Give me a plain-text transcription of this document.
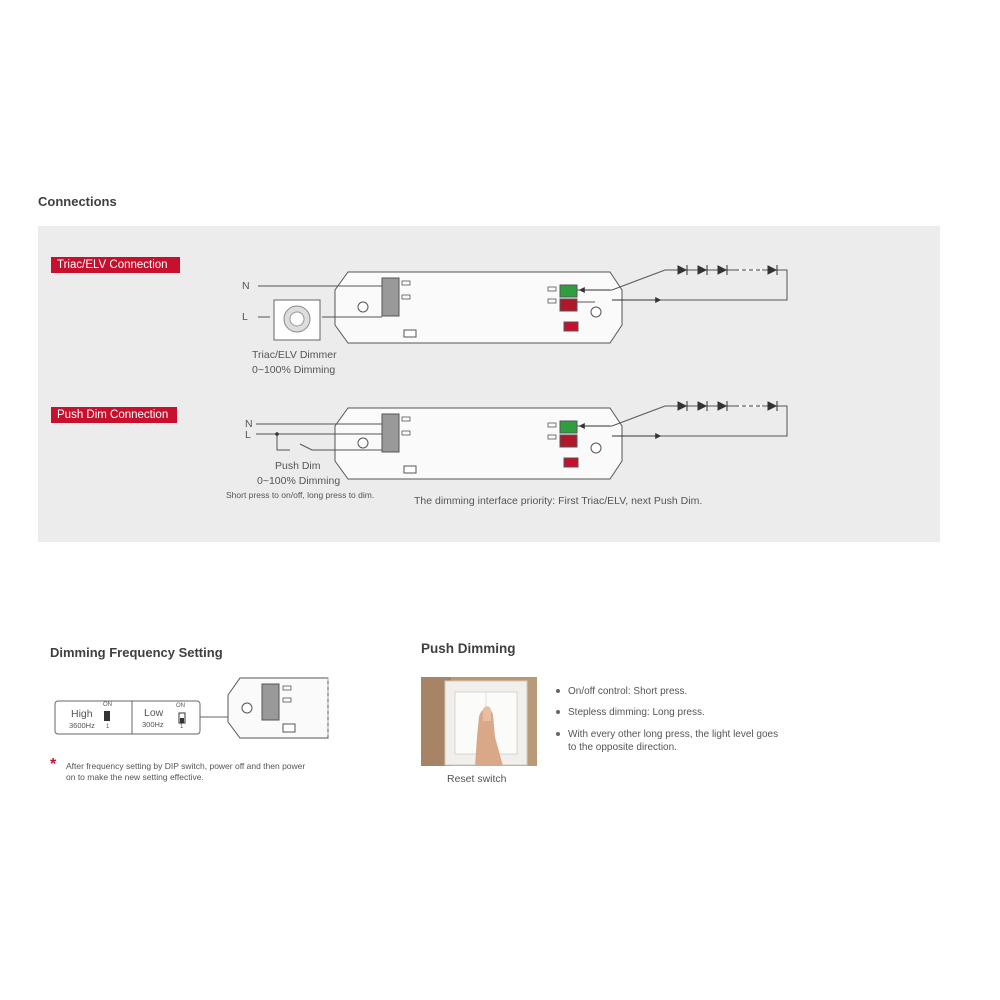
Connections
Triac/ELV Connection
Push Dim Connection
N
L
Triac/ELV Dimmer
0~100% Dimming
N
L
Push Dim
0~100% Dimming
Short press to on/off, long press to dim.	The dimming interface priority: First Triac/ELV, next Push Dim.
Dimming Frequency Setting
High
3600Hz
ON
1
Low
300Hz
ON
1
* After frequency setting by DIP switch, power off and then power
on to make the new setting effective.
Push Dimming
Reset switch
On/off control: Short press.
Stepless dimming: Long press.
With every other long press, the light level goes
to the opposite direction.
